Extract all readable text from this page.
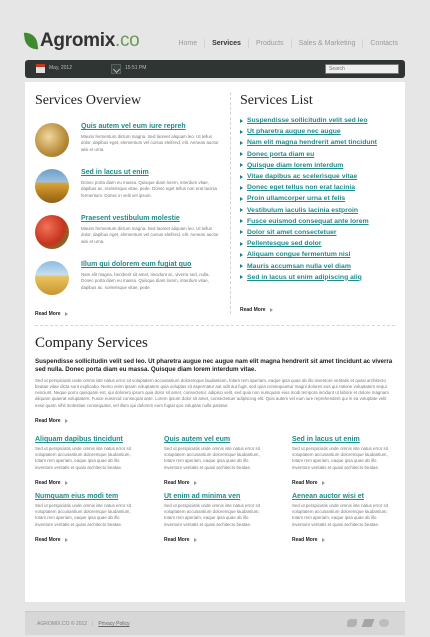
Agromix.co	Home	Services	Products	Sales & Marketing	Contacts
May, 2012	15:51 PM
Search
Services Overview
Quis autem vel eum iure repreh

Mauris fermentum dictum magna. Sed laoreet aliquam leo. Ut tellus dolor, dapibus eget, elementum vel cursus eleifend, elit. Aenean auctor wisi et urna.

Sed in lacus ut enim

Donec porta diam eu massa. Quisque diam lorem, interdum vitae, dapibus ac, scelerisque vitae, pede. Donec eget tellus non erat lacinia fermentum. Donec in velit vel ipsum.

Praesent vestibulum molestie

Mauris fermentum dictum magna. Sed laoreet aliquam leo. Ut tellus dolor, dapibus eget, elementum vel cursus eleifend, elit. Aenean auctor wisi et urna.

Illum qui dolorem eum fugiat quo

Nam elit magna, hendrerit sit amet, tincidunt ac, viverra sed, nulla. Donec porta diam eu massa. Quisque diam lorem, interdum vitae, dapibus ac, scelerisque vitae, pede.

Read More
Services List
Suspendisse sollicitudin velit sed leo
Ut pharetra augue nec augue
Nam elit magna hendrerit amet tincidunt
Donec porta diam eu
Quisque diam lorem interdum
Vitae dapibus ac scelerisque vitae
Donec eget tellus non erat lacinia
Proin ullamcorper urna et felis
Vestibulum iaculis lacinia estproin
Fusce euismod consequat ante lorem
Dolor sit amet consectetuer
Pellentesque sed dolor
Aliquam congue fermentum nisl
Mauris accumsan nulla vel diam
Sed in lacus ut enim adipiscing aliq
Read More
Company Services

Suspendisse sollicitudin velit sed leo. Ut pharetra augue nec augue nam elit magna hendrerit sit amet tincidunt ac viverra sed nulla. Donec porta diam eu massa. Quisque diam lorem interdum vitae.

Sed ut perspiciatis unde omnis iste natus error sit voluptatem accusantium doloremque laudantium, totam rem aperiam, eaque ipsa quae ab illo inventore veritatis et quasi architecto beatae vitae dicta sunt explicabo. Nemo enim ipsam voluptatem quia voluptas sit aspernatur aut odit aut fugit, sed quia consequuntur magni dolores eos qui ratione voluptatem sequi nesciunt. Neque porro quisquam est, qui dolorem ipsum quia dolor sit amet, consectetur, adipisci velit, sed quia non numquam eius modi tempora incidunt ut labore et dolore magnam aliquam quaerat voluptatem. Fusce euismod consequat ante. Lorem ipsum dolor sit amet, consectetuer adipiscing elit. Quis autem vel eum iure reprehenderit qui in ea voluptate velit esse quam nihil molestiae consequatur, vel illum qui dolorem eum fugiat quo voluptas nulla pariatur.

Read More
Aliquam dapibus tincidunt

Sed ut perspiciatis unde omnis iste natus error sit voluptatem accusantium doloremque laudantium, totam rem aperiam, eaque ipsa quae ab illo inventore veritatis et quasi architecto beatae.

Read More
Quis autem vel eum

Sed ut perspiciatis unde omnis iste natus error sit voluptatem accusantium doloremque laudantium, totam rem aperiam, eaque ipsa quae ab illo inventore veritatis et quasi architecto beatae.

Read More
Sed in lacus ut enim

Sed ut perspiciatis unde omnis iste natus error sit voluptatem accusantium doloremque laudantium, totam rem aperiam, eaque ipsa quae ab illo inventore veritatis et quasi architecto beatae.

Read More
Numquam eius modi tem

Sed ut perspiciatis unde omnis iste natus error sit voluptatem accusantium doloremque laudantium, totam rem aperiam, eaque ipsa quae ab illo inventore veritatis et quasi architecto beatae.

Read More
Ut enim ad minima ven

Sed ut perspiciatis unde omnis iste natus error sit voluptatem accusantium doloremque laudantium, totam rem aperiam, eaque ipsa quae ab illo inventore veritatis et quasi architecto beatae.

Read More
Aenean auctor wisi et

Sed ut perspiciatis unde omnis iste natus error sit voluptatem accusantium doloremque laudantium, totam rem aperiam, eaque ipsa quae ab illo inventore veritatis et quasi architecto beatae.

Read More
AGROMIX.CO © 2012 | Privacy Policy
